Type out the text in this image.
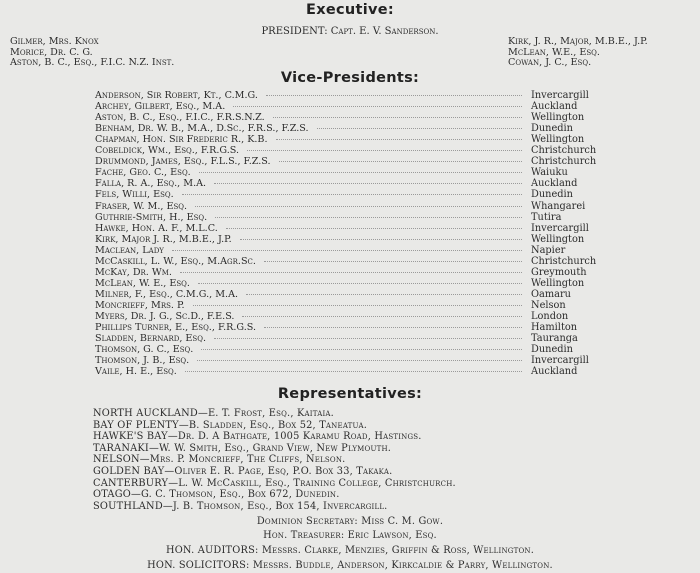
Executive:
PRESIDENT: Capt. E. V. Sanderson.
Gilmer, Mrs. Knox
Morice, Dr. C. G.
Aston, B. C., Esq., F.I.C. N.Z. Inst.
Kirk, J. R., Major, M.B.E., J.P.
McLean, W.E., Esq.
Cowan, J. C., Esq.
Vice-Presidents:
Anderson, Sir Robert, Kt., C.M.G.	Invercargill
Archey, Gilbert, Esq., M.A.	Auckland
Aston, B. C., Esq., F.I.C., F.R.S.N.Z.	Wellington
Benham, Dr. W. B., M.A., D.Sc., F.R.S., F.Z.S.	Dunedin
Chapman, Hon. Sir Frederic R., K.B.	Wellington
Cobeldick, Wm., Esq., F.R.G.S.	Christchurch
Drummond, James, Esq., F.L.S., F.Z.S.	Christchurch
Fache, Geo. C., Esq.	Waiuku
Falla, R. A., Esq., M.A.	Auckland
Fels, Willi, Esq.	Dunedin
Fraser, W. M., Esq.	Whangarei
Guthrie-Smith, H., Esq.	Tutira
Hawke, Hon. A. F., M.L.C.	Invercargill
Kirk, Major J. R., M.B.E., J.P.	Wellington
Maclean, Lady	Napier
McCaskill, L. W., Esq., M.Agr.Sc.	Christchurch
McKay, Dr. Wm.	Greymouth
McLean, W. E., Esq.	Wellington
Milner, F., Esq., C.M.G., M.A.	Oamaru
Moncrieff, Mrs. P.	Nelson
Myers, Dr. J. G., Sc.D., F.E.S.	London
Phillips Turner, E., Esq., F.R.G.S.	Hamilton
Sladden, Bernard, Esq.	Tauranga
Thomson, G. C., Esq.	Dunedin
Thomson, J. B., Esq.	Invercargill
Vaile, H. E., Esq.	Auckland
Representatives:
NORTH AUCKLAND—E. T. Frost, Esq., Kaitaia.
BAY OF PLENTY—B. Sladden, Esq., Box 52, Taneatua.
HAWKE'S BAY—Dr. D. A Bathgate, 1005 Karamu Road, Hastings.
TARANAKI—W. W. Smith, Esq., Grand View, New Plymouth.
NELSON—Mrs. P. Moncrieff, The Cliffs, Nelson.
GOLDEN BAY—Oliver E. R. Page, Esq, P.O. Box 33, Takaka.
CANTERBURY—L. W. McCaskill, Esq., Training College, Christchurch.
OTAGO—G. C. Thomson, Esq., Box 672, Dunedin.
SOUTHLAND—J. B. Thomson, Esq., Box 154, Invercargill.
Dominion Secretary: Miss C. M. Gow.
Hon. Treasurer: Eric Lawson, Esq.
HON. AUDITORS: Messrs. Clarke, Menzies, Griffin & Ross, Wellington.
HON. SOLICITORS: Messrs. Buddle, Anderson, Kirkcaldie & Parry, Wellington.
